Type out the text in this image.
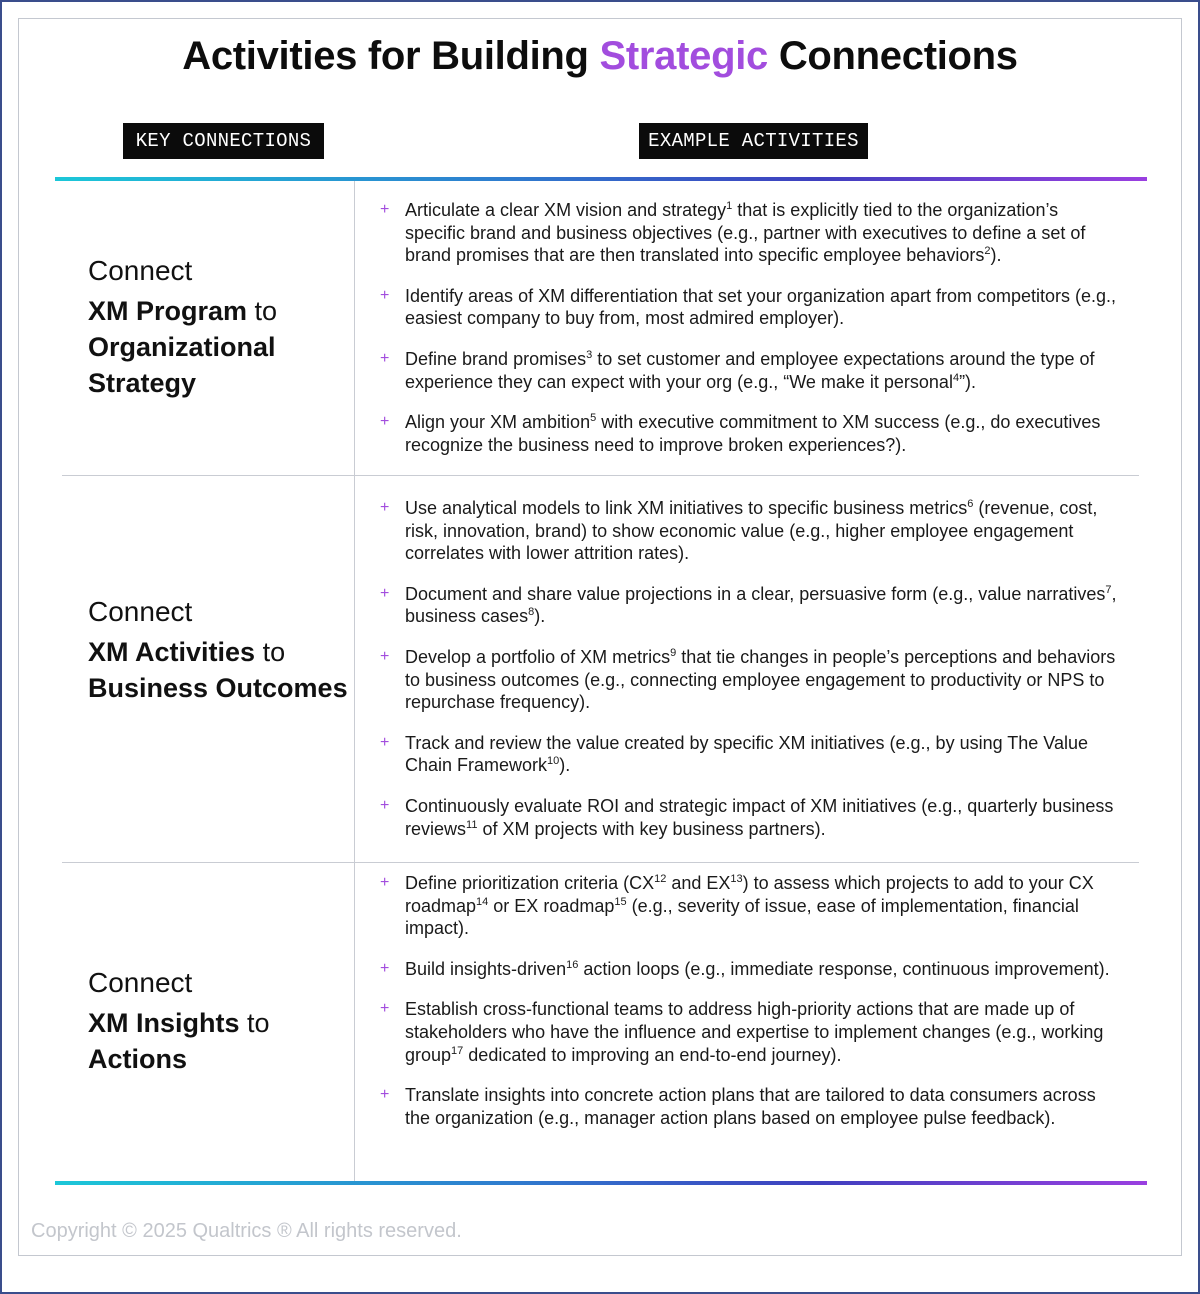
Activities for Building Strategic Connections
KEY CONNECTIONS	EXAMPLE ACTIVITIES
Connect
XM Program to
Organizational Strategy
Connect
XM Activities to
Business Outcomes
Connect
XM Insights to
Actions
+ Articulate a clear XM vision and strategy$^1$ that is explicitly tied to the organization’s specific brand and business objectives (e.g., partner with executives to define a set of brand promises that are then translated into specific employee behaviors$^2$).
+ Identify areas of XM differentiation that set your organization apart from competitors (e.g., easiest company to buy from, most admired employer).
+ Define brand promises$^3$ to set customer and employee expectations around the type of experience they can expect with your org (e.g., “We make it personal$^4$”).
+ Align your XM ambition$^5$ with executive commitment to XM success (e.g., do executives recognize the business need to improve broken experiences?).
+ Use analytical models to link XM initiatives to specific business metrics$^6$ (revenue, cost, risk, innovation, brand) to show economic value (e.g., higher employee engagement correlates with lower attrition rates).
+ Document and share value projections in a clear, persuasive form (e.g., value narratives$^7$, business cases$^8$).
+ Develop a portfolio of XM metrics$^9$ that tie changes in people’s perceptions and behaviors to business outcomes (e.g., connecting employee engagement to productivity or NPS to repurchase frequency).
+ Track and review the value created by specific XM initiatives (e.g., by using The Value Chain Framework$^{10}$).
+ Continuously evaluate ROI and strategic impact of XM initiatives (e.g., quarterly business reviews$^{11}$ of XM projects with key business partners).
+ Define prioritization criteria (CX$^{12}$ and EX$^{13}$) to assess which projects to add to your CX roadmap$^{14}$ or EX roadmap$^{15}$ (e.g., severity of issue, ease of implementation, financial impact).
+ Build insights-driven$^{16}$ action loops (e.g., immediate response, continuous improvement).
+ Establish cross-functional teams to address high-priority actions that are made up of stakeholders who have the influence and expertise to implement changes (e.g., working group$^{17}$ dedicated to improving an end-to-end journey).
+ Translate insights into concrete action plans that are tailored to data consumers across the organization (e.g., manager action plans based on employee pulse feedback).
Copyright © 2025 Qualtrics ® All rights reserved.
